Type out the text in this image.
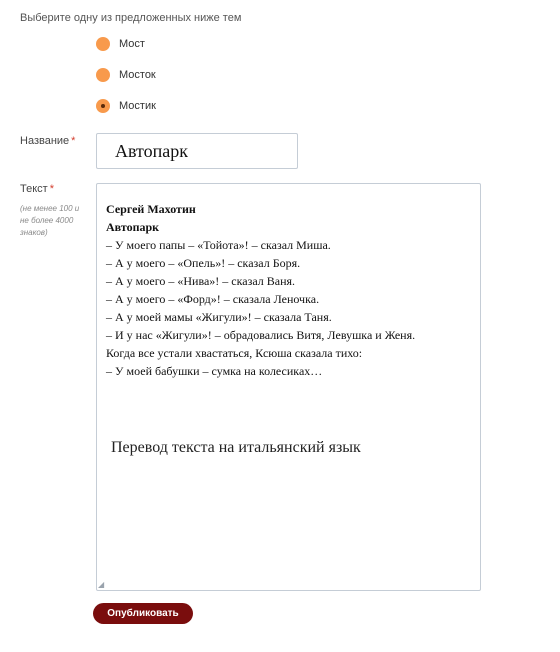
Выберите одну из предложенных ниже тем
Мост
Мосток
Мостик
Название *
Автопарк
Текст *
(не менее 100 и не более 4000 знаков)
Сергей Махотин
Автопарк
– У моего папы – «Тойота»! – сказал Миша.
– А у моего – «Опель»! – сказал Боря.
– А у моего – «Нива»! – сказал Ваня.
– А у моего – «Форд»! – сказала Леночка.
– А у моей мамы «Жигули»! – сказала Таня.
– И у нас «Жигули»! – обрадовались Витя, Левушка и Женя.
Когда все устали хвастаться, Ксюша сказала тихо:
– У моей бабушки – сумка на колесиках…
Перевод текста на итальянский язык
◢
Опубликовать
